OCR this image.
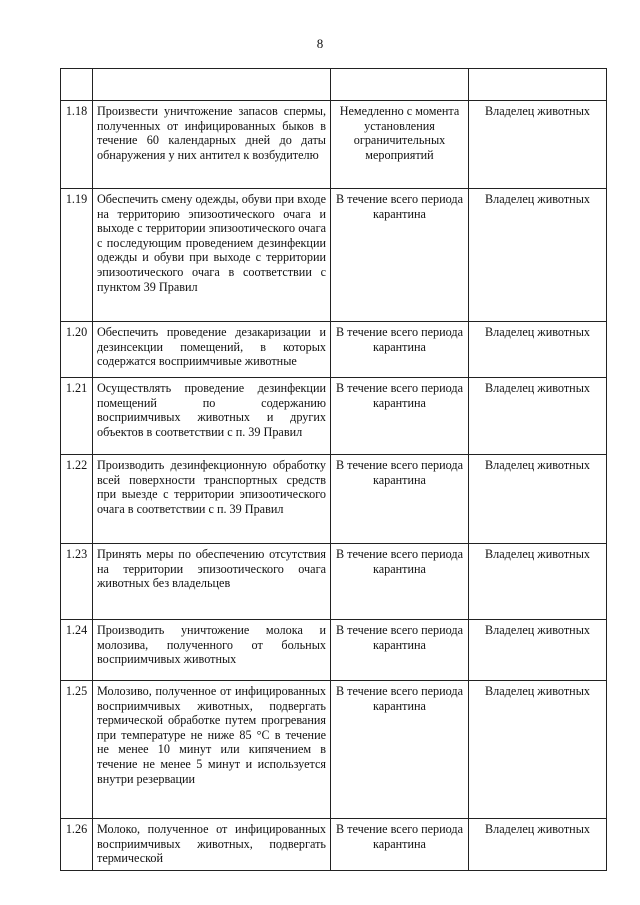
8

1.18	Произвести уничтожение запасов спермы, полученных от инфицированных быков в течение 60 календарных дней до даты обнаружения у них антител к возбудителю	Немедленно с момента установления ограничительных мероприятий	Владелец животных
1.19	Обеспечить смену одежды, обуви при входе на территорию эпизоотического очага и выходе с территории эпизоотического очага с последующим проведением дезинфекции одежды и обуви при выходе с территории эпизоотического очага в соответствии с пунктом 39 Правил	В течение всего периода карантина	Владелец животных
1.20	Обеспечить проведение дезакаризации и дезинсекции помещений, в которых содержатся восприимчивые животные	В течение всего периода карантина	Владелец животных
1.21	Осуществлять проведение дезинфекции помещений по содержанию восприимчивых животных и других объектов в соответствии с п. 39 Правил	В течение всего периода карантина	Владелец животных
1.22	Производить дезинфекционную обработку всей поверхности транспортных средств при выезде с территории эпизоотического очага в соответствии с п. 39 Правил	В течение всего периода карантина	Владелец животных
1.23	Принять меры по обеспечению отсутствия на территории эпизоотического очага животных без владельцев	В течение всего периода карантина	Владелец животных
1.24	Производить уничтожение молока и молозива, полученного от больных восприимчивых животных	В течение всего периода карантина	Владелец животных
1.25	Молозиво, полученное от инфицированных восприимчивых животных, подвергать термической обработке путем прогревания при температуре не ниже 85 °C в течение не менее 10 минут или кипячением в течение не менее 5 минут и используется внутри резервации	В течение всего периода карантина	Владелец животных
1.26	Молоко, полученное от инфицированных восприимчивых животных, подвергать термической	В течение всего периода карантина	Владелец животных
